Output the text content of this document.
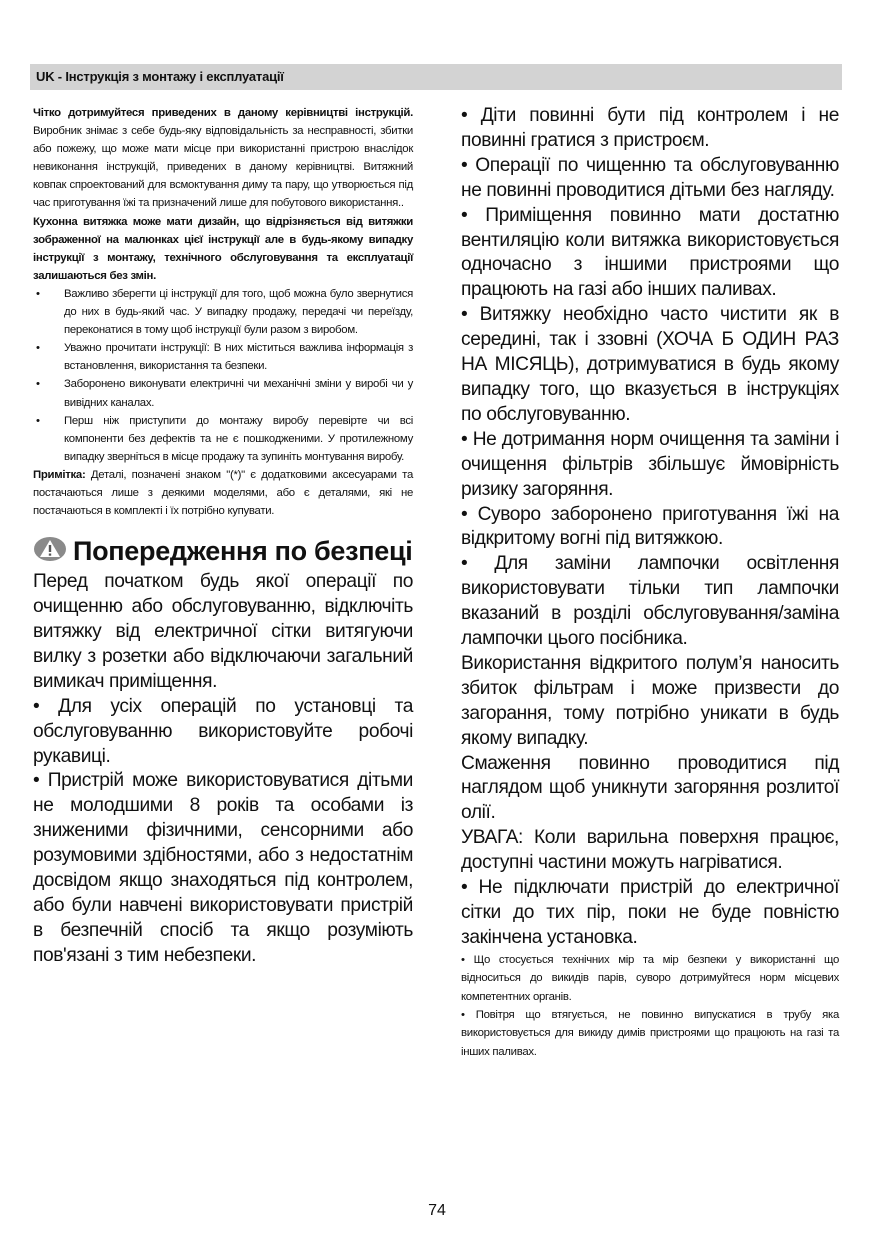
UK - Інструкція з монтажу і експлуатації

Чітко дотримуйтеся приведених в даному керівництві інструкцій. Виробник знімає з себе будь-яку відповідальність за несправності, збитки або пожежу, що може мати місце при використанні пристрою внаслідок невиконання інструкцій, приведених в даному керівництві. Витяжний ковпак спроектований для всмоктування диму та пару, що утворюється під час приготування їжі та призначений лише для побутового використання..

Кухонна витяжка може мати дизайн, що відрізняється від витяжки зображенної на малюнках цієї інструкції але в будь-якому випадку інструкції з монтажу, технічного обслуговування та експлуатації залишаються без змін.

• Важливо зберегти ці інструкції для того, щоб можна було звернутися до них в будь-який час. У випадку продажу, передачі чи переїзду, переконатися в тому щоб інструкції були разом з виробом.
• Уважно прочитати інструкції: В них міститься важлива інформація з встановлення, використання та безпеки.
• Заборонено виконувати електричні чи механічні зміни у виробі чи у вивідних каналах.
• Перш ніж приступити до монтажу виробу перевірте чи всі компоненти без дефектів та не є пошкодженими. У протилежному випадку зверніться в місце продажу та зупиніть монтування виробу.

Примітка: Деталі, позначені знаком "(*)" є додатковими аксесуарами та постачаються лише з деякими моделями, або є деталями, які не постачаються в комплекті і їх потрібно купувати.

Попередження по безпеці

Перед початком будь якої операції по очищенню або обслуговуванню, відключіть витяжку від електричної сітки витягуючи вилку з розетки або відключаючи загальний вимикач приміщення.

• Для усіх операцій по установці та обслуговуванню використовуйте робочі рукавиці.

• Пристрій може використовуватися дітьми не молодшими 8 років та особами із зниженими фізичними, сенсорними або розумовими здібностями, або з недостатнім досвідом якщо знаходяться під контролем, або були навчені використовувати пристрій в безпечній спосіб та якщо розуміють пов'язані з тим небезпеки.

• Діти повинні бути під контролем і не повинні гратися з пристроєм.

• Операції по чищенню та обслуговуванню не повинні проводитися дітьми без нагляду.

• Приміщення повинно мати достатню вентиляцію коли витяжка використовується одночасно з іншими пристроями що працюють на газі або інших паливах.

• Витяжку необхідно часто чистити як в середині, так і ззовні (ХОЧА Б ОДИН РАЗ НА МІСЯЦЬ), дотримуватися в будь якому випадку того, що вказується в інструкціях по обслуговуванню.

• Не дотримання норм очищення та заміни і очищення фільтрів збільшує ймовірність ризику загоряння.

• Суворо заборонено приготування їжі на відкритому вогні під витяжкою.

• Для заміни лампочки освітлення використовувати тільки тип лампочки вказаний в розділі обслуговування/заміна лампочки цього посібника.

Використання відкритого полум’я наносить збиток фільтрам і може призвести до загорання, тому потрібно уникати в будь якому випадку.

Смаження повинно проводитися під наглядом щоб уникнути загоряння розлитої олії.

УВАГА: Коли варильна поверхня працює, доступні частини можуть нагріватися.

• Не підключати пристрій до електричної сітки до тих пір, поки не буде повністю закінчена установка.

• Що стосується технічних мір та мір безпеки у використанні що відноситься до викидів парів, суворо дотримуйтеся норм місцевих компетентних органів.

• Повітря що втягується, не повинно випускатися в трубу яка використовується для викиду димів пристроями що працюють на газі та інших паливах.

74
